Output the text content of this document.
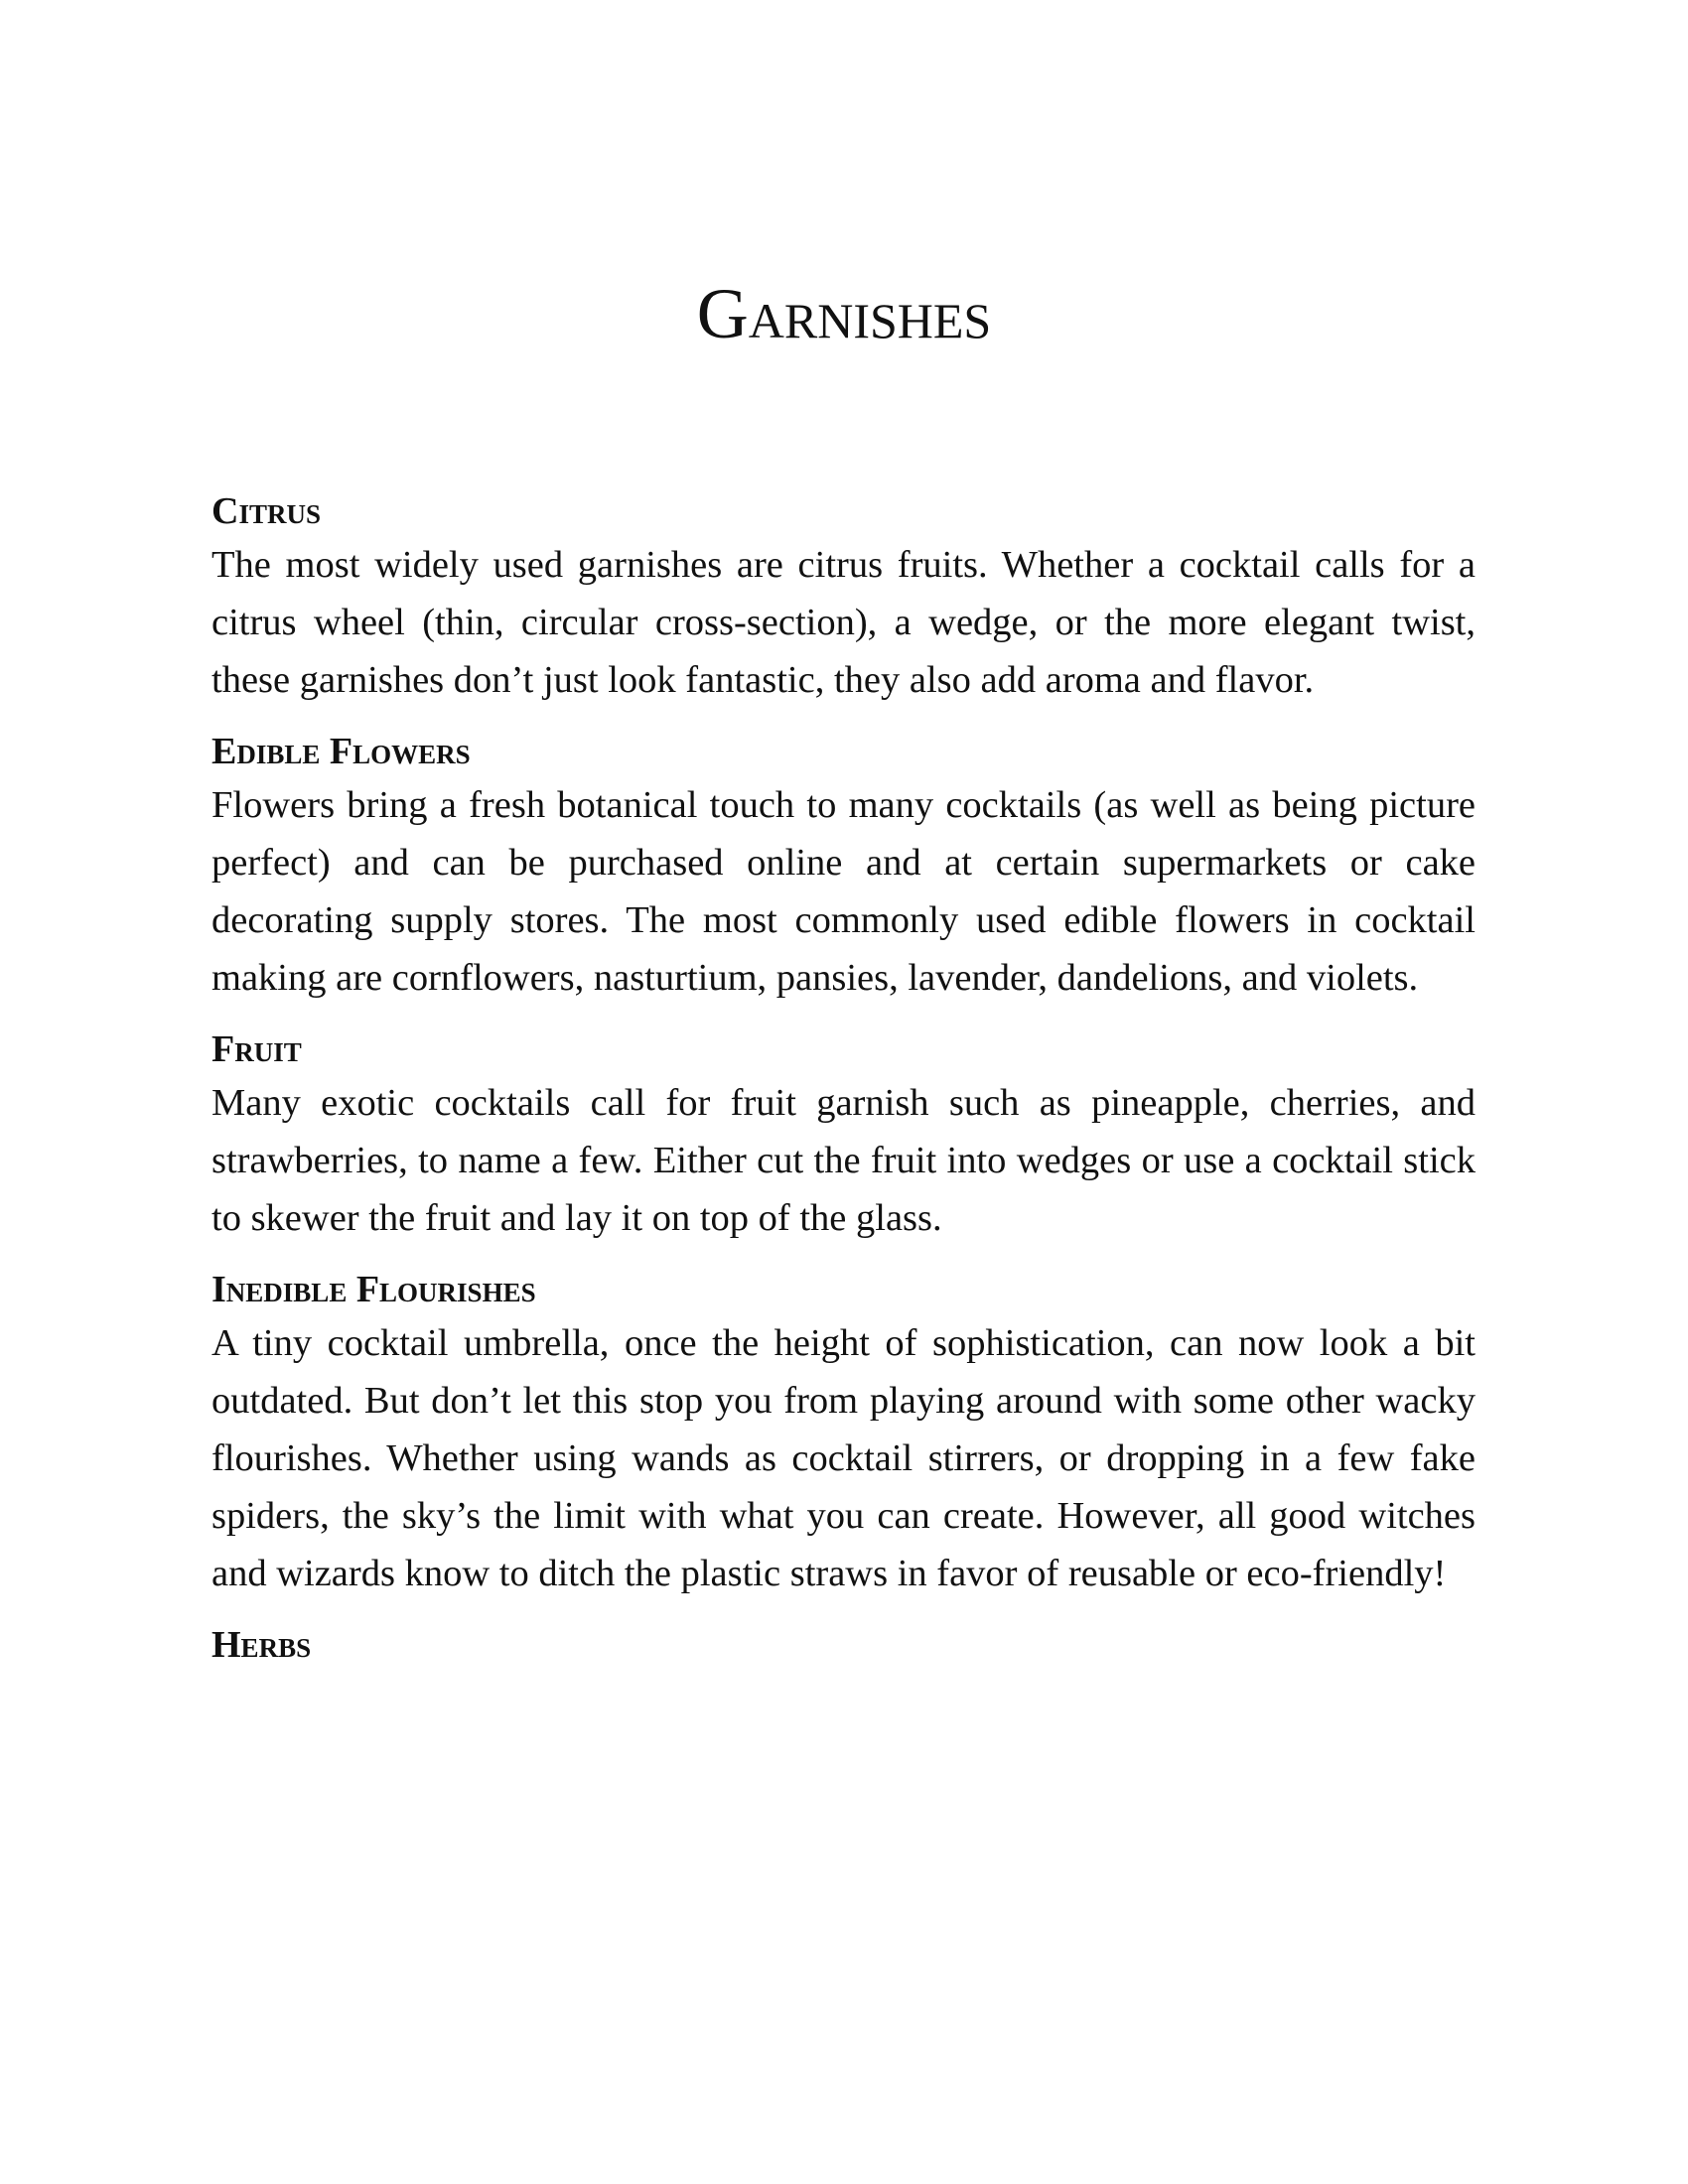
Garnishes
Citrus

The most widely used garnishes are citrus fruits. Whether a cocktail calls for a citrus wheel (thin, circular cross-section), a wedge, or the more elegant twist, these garnishes don’t just look fantastic, they also add aroma and flavor.

Edible Flowers

Flowers bring a fresh botanical touch to many cocktails (as well as being picture perfect) and can be purchased online and at certain supermarkets or cake decorating supply stores. The most commonly used edible flowers in cocktail making are cornflowers, nasturtium, pansies, lavender, dandelions, and violets.

Fruit

Many exotic cocktails call for fruit garnish such as pineapple, cherries, and strawberries, to name a few. Either cut the fruit into wedges or use a cocktail stick to skewer the fruit and lay it on top of the glass.

Inedible Flourishes

A tiny cocktail umbrella, once the height of sophistication, can now look a bit outdated. But don’t let this stop you from playing around with some other wacky flourishes. Whether using wands as cocktail stirrers, or dropping in a few fake spiders, the sky’s the limit with what you can create. However, all good witches and wizards know to ditch the plastic straws in favor of reusable or eco-friendly!

Herbs
